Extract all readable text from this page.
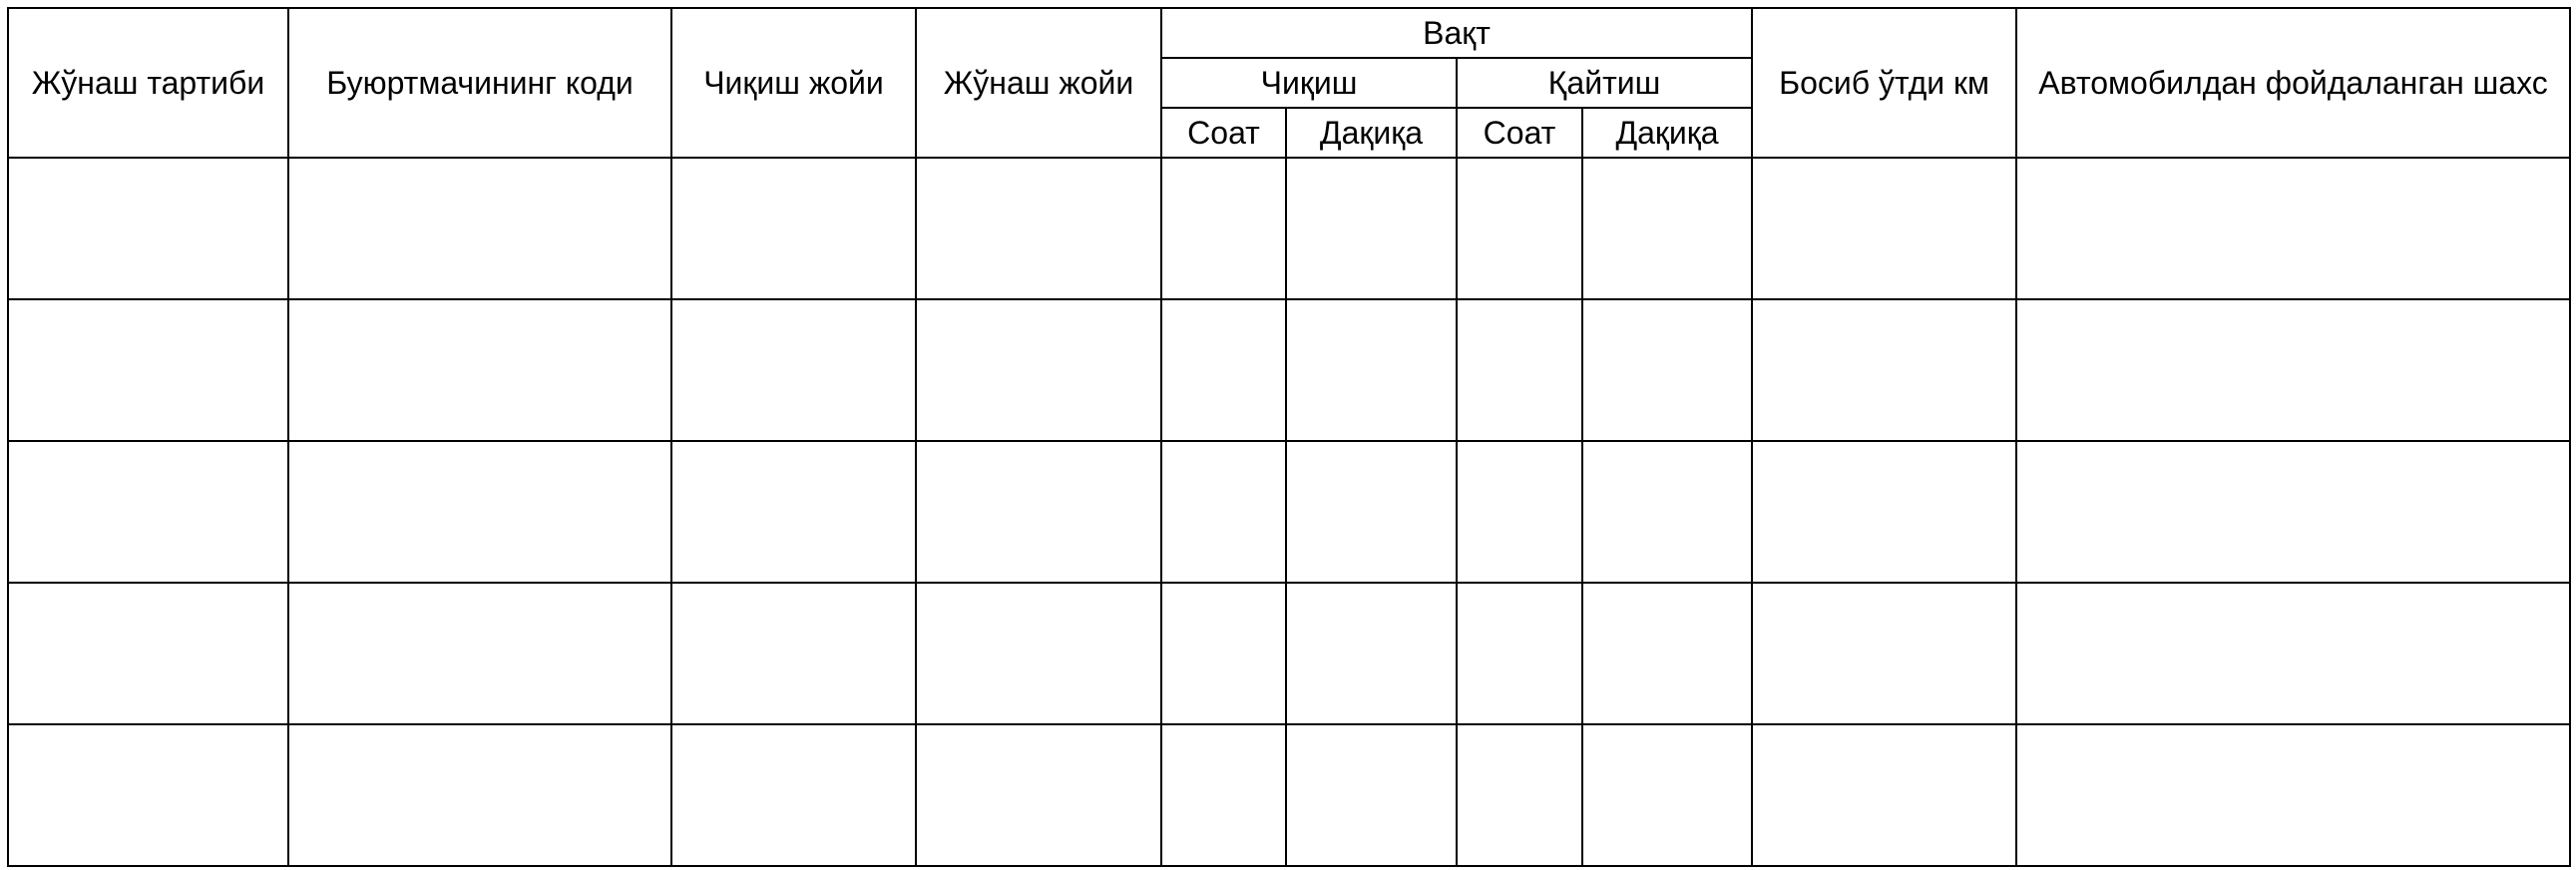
Жўнаш тартиби	Буюртмачининг коди	Чиқиш жойи	Жўнаш жойи	Вақт				Босиб ўтди км	Автомобилдан фойдаланган шахс
				Чиқиш		Қайтиш			
				Соат	Дақиқа	Соат	Дақиқа		
